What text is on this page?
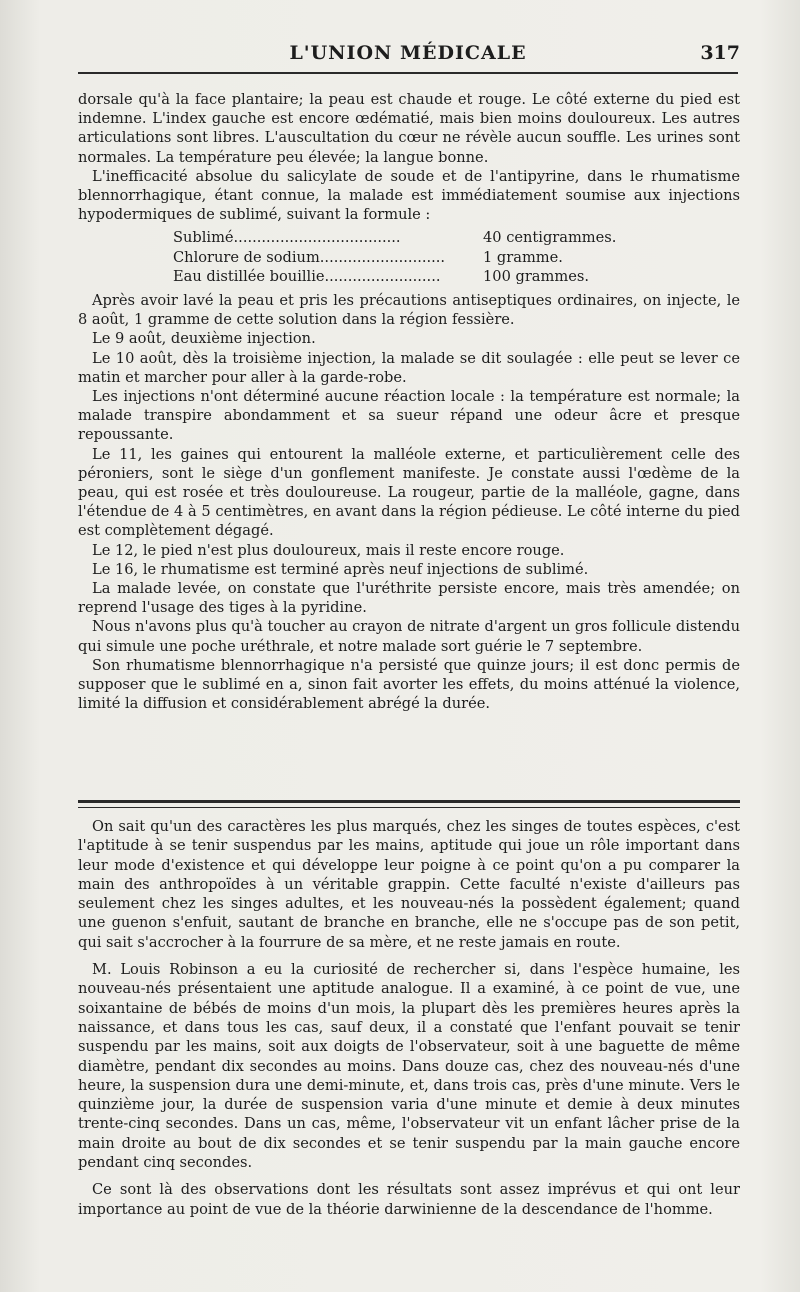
L'UNION MÉDICALE	317

dorsale qu'à la face plantaire; la peau est chaude et rouge. Le côté externe du pied est indemne. L'index gauche est encore œdématié, mais bien moins douloureux. Les autres articulations sont libres. L'auscultation du cœur ne révèle aucun souffle. Les urines sont normales. La température peu élevée; la langue bonne.

L'inefficacité absolue du salicylate de soude et de l'antipyrine, dans le rhumatisme blennorrhagique, étant connue, la malade est immédiatement soumise aux injections hypodermiques de sublimé, suivant la formule :

Sublimé....................................	40 centigrammes.
Chlorure de sodium...........................	1 gramme.
Eau distillée bouillie.........................	100 grammes.

Après avoir lavé la peau et pris les précautions antiseptiques ordinaires, on injecte, le 8 août, 1 gramme de cette solution dans la région fessière.

Le 9 août, deuxième injection.

Le 10 août, dès la troisième injection, la malade se dit soulagée : elle peut se lever ce matin et marcher pour aller à la garde-robe.

Les injections n'ont déterminé aucune réaction locale : la température est normale; la malade transpire abondamment et sa sueur répand une odeur âcre et presque repoussante.

Le 11, les gaines qui entourent la malléole externe, et particulièrement celle des péroniers, sont le siège d'un gonflement manifeste. Je constate aussi l'œdème de la peau, qui est rosée et très douloureuse. La rougeur, partie de la malléole, gagne, dans l'étendue de 4 à 5 centimètres, en avant dans la région pédieuse. Le côté interne du pied est complètement dégagé.

Le 12, le pied n'est plus douloureux, mais il reste encore rouge.

Le 16, le rhumatisme est terminé après neuf injections de sublimé.

La malade levée, on constate que l'uréthrite persiste encore, mais très amendée; on reprend l'usage des tiges à la pyridine.

Nous n'avons plus qu'à toucher au crayon de nitrate d'argent un gros follicule distendu qui simule une poche uréthrale, et notre malade sort guérie le 7 septembre.

Son rhumatisme blennorrhagique n'a persisté que quinze jours; il est donc permis de supposer que le sublimé en a, sinon fait avorter les effets, du moins atténué la violence, limité la diffusion et considérablement abrégé la durée.

On sait qu'un des caractères les plus marqués, chez les singes de toutes espèces, c'est l'aptitude à se tenir suspendus par les mains, aptitude qui joue un rôle important dans leur mode d'existence et qui développe leur poigne à ce point qu'on a pu comparer la main des anthropoïdes à un véritable grappin. Cette faculté n'existe d'ailleurs pas seulement chez les singes adultes, et les nouveau-nés la possèdent également; quand une guenon s'enfuit, sautant de branche en branche, elle ne s'occupe pas de son petit, qui sait s'accrocher à la fourrure de sa mère, et ne reste jamais en route.

M. Louis Robinson a eu la curiosité de rechercher si, dans l'espèce humaine, les nouveau-nés présentaient une aptitude analogue. Il a examiné, à ce point de vue, une soixantaine de bébés de moins d'un mois, la plupart dès les premières heures après la naissance, et dans tous les cas, sauf deux, il a constaté que l'enfant pouvait se tenir suspendu par les mains, soit aux doigts de l'observateur, soit à une baguette de même diamètre, pendant dix secondes au moins. Dans douze cas, chez des nouveau-nés d'une heure, la suspension dura une demi-minute, et, dans trois cas, près d'une minute. Vers le quinzième jour, la durée de suspension varia d'une minute et demie à deux minutes trente-cinq secondes. Dans un cas, même, l'observateur vit un enfant lâcher prise de la main droite au bout de dix secondes et se tenir suspendu par la main gauche encore pendant cinq secondes.

Ce sont là des observations dont les résultats sont assez imprévus et qui ont leur importance au point de vue de la théorie darwinienne de la descendance de l'homme.
